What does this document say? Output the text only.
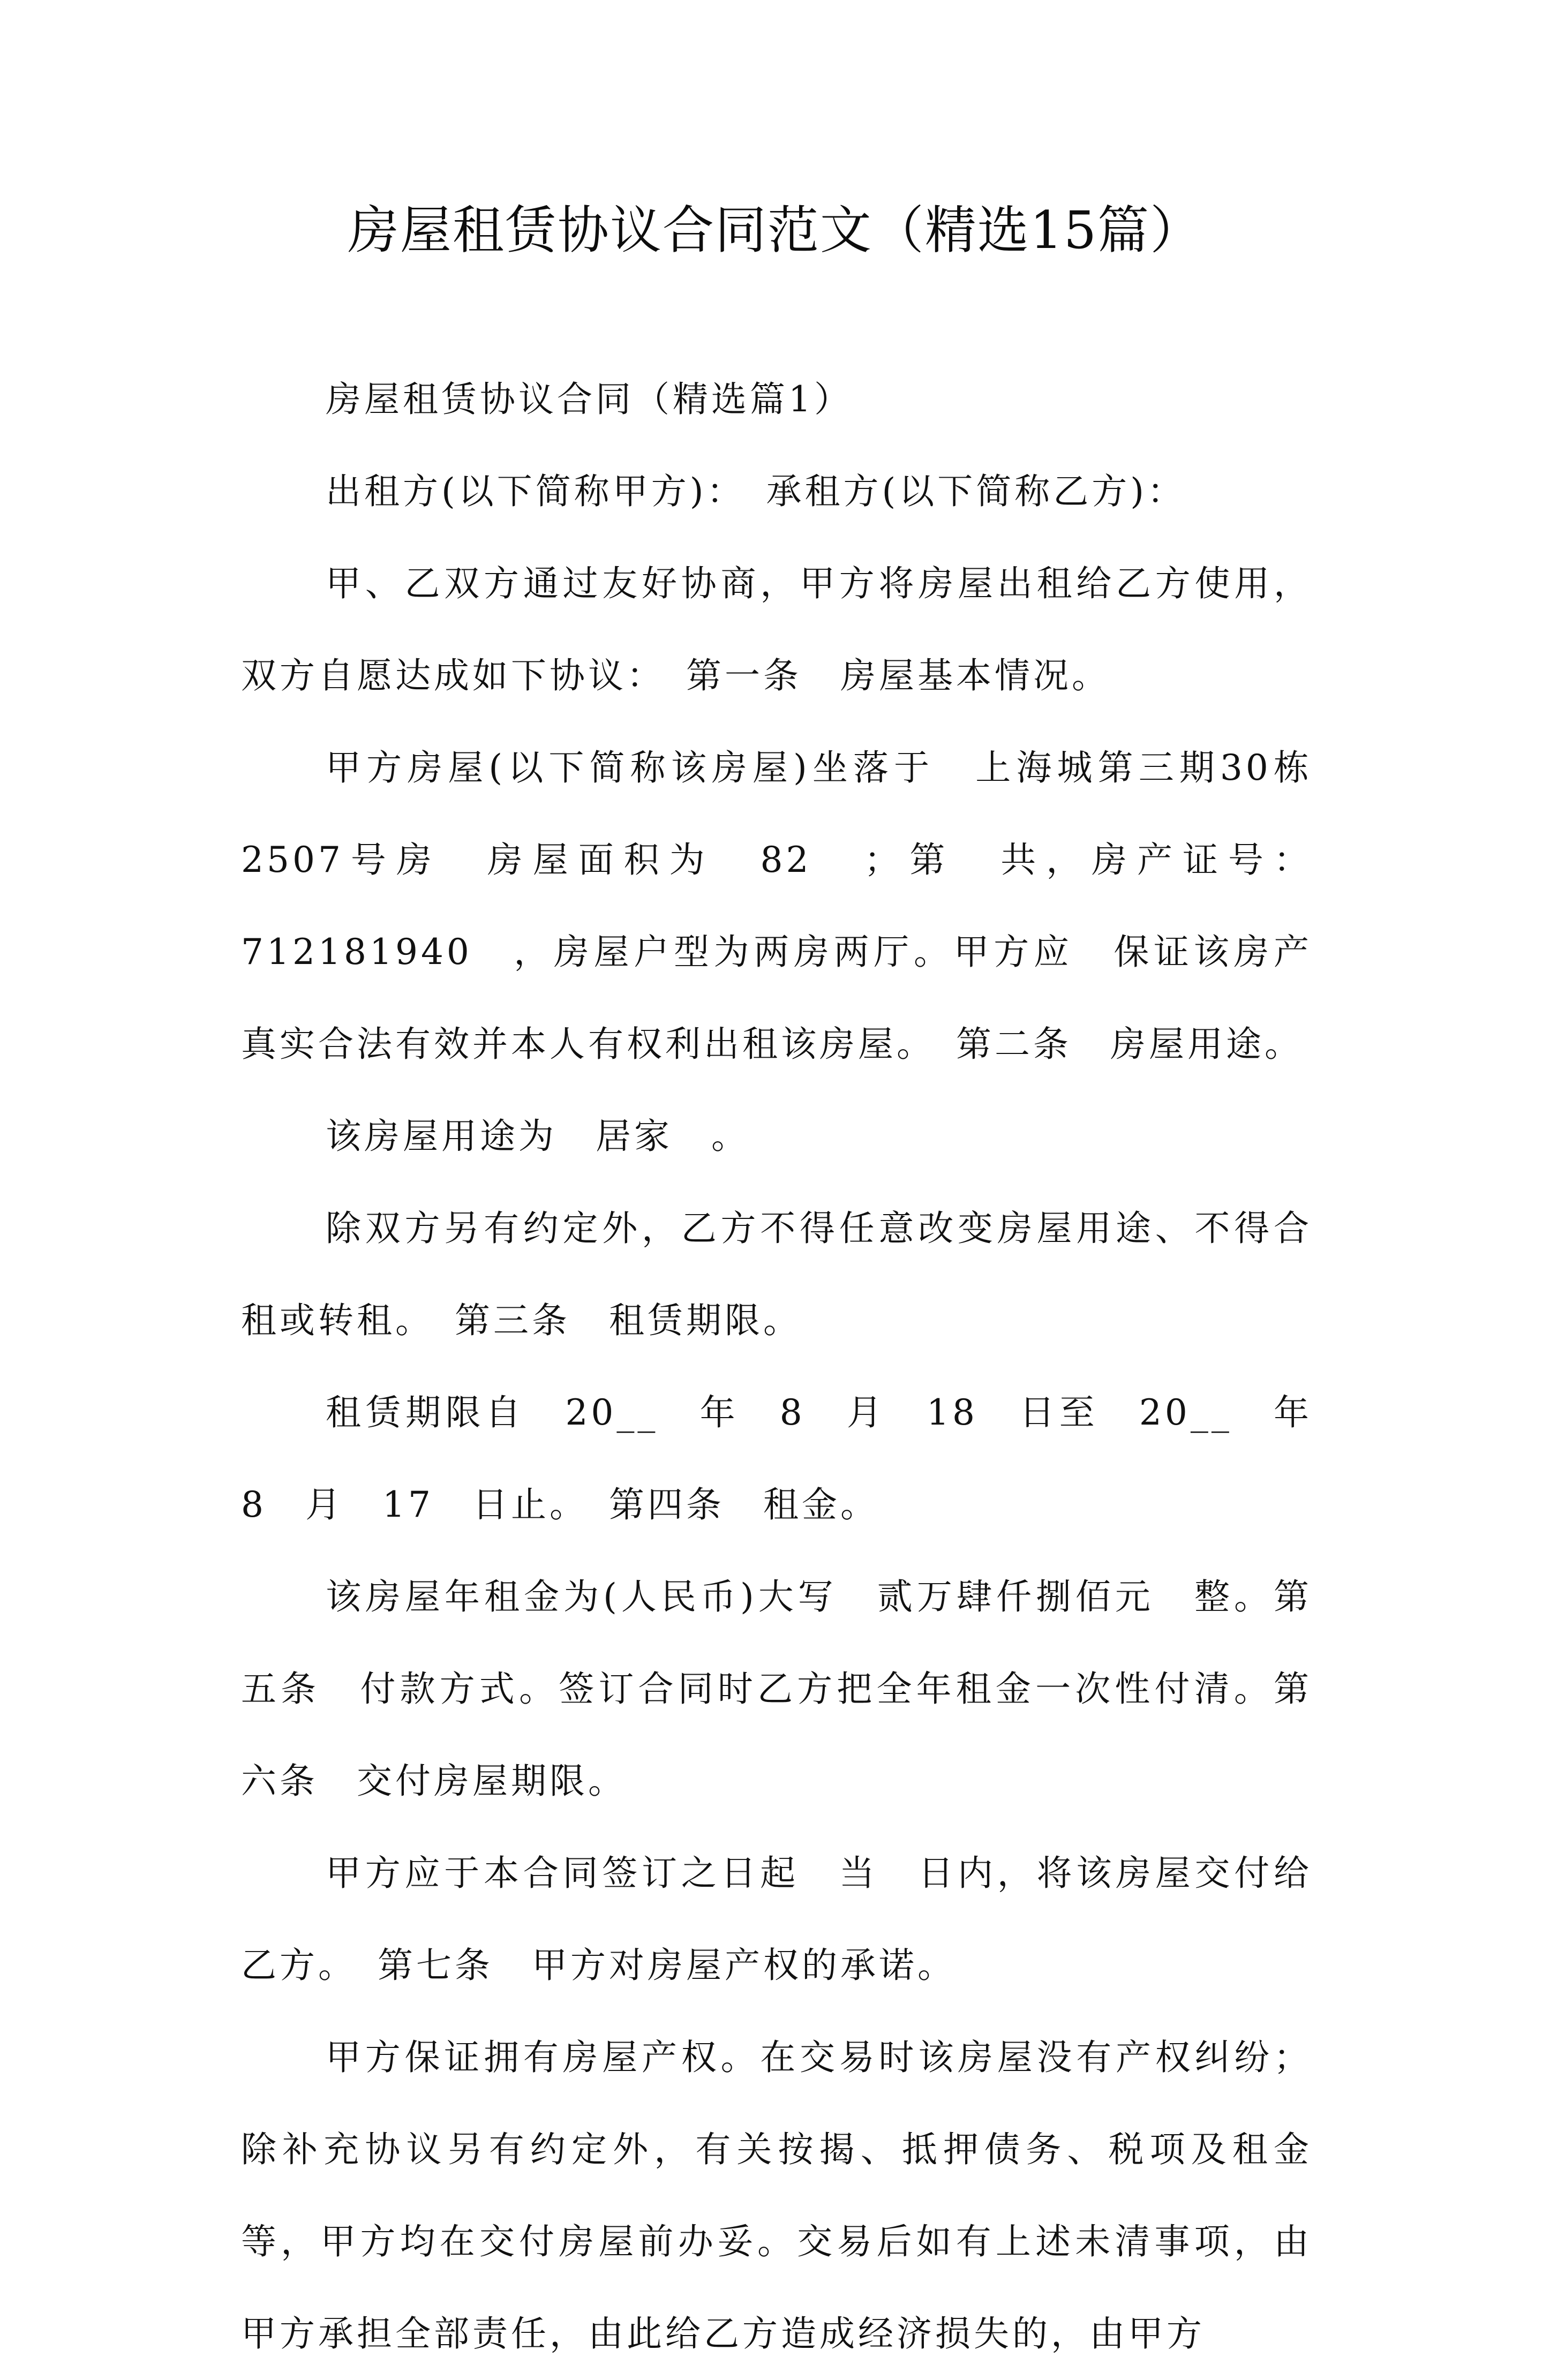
房屋租赁协议合同范文（精选15篇）

房屋租赁协议合同（精选篇1）

出租方(以下简称甲方)：　承租方(以下简称乙方)：

甲、乙双方通过友好协商，甲方将房屋出租给乙方使用，双方自愿达成如下协议：　第一条　房屋基本情况。

甲方房屋(以下简称该房屋)坐落于　上海城第三期30栋2507号房　房屋面积为　82　；第　共，房产证号：712181940　，房屋户型为两房两厅。甲方应　保证该房产真实合法有效并本人有权利出租该房屋。　第二条　房屋用途。

该房屋用途为　居家　。

除双方另有约定外，乙方不得任意改变房屋用途、不得合租或转租。　第三条　租赁期限。

租赁期限自　20__　年　8　月　18　日至　20__　年　8　月　17　日止。　第四条　租金。

该房屋年租金为(人民币)大写　贰万肆仟捌佰元　整。第五条　付款方式。签订合同时乙方把全年租金一次性付清。第六条　交付房屋期限。

甲方应于本合同签订之日起　当　日内，将该房屋交付给乙方。　第七条　甲方对房屋产权的承诺。

甲方保证拥有房屋产权。在交易时该房屋没有产权纠纷；除补充协议另有约定外，有关按揭、抵押债务、税项及租金等，甲方均在交付房屋前办妥。交易后如有上述未清事项，由甲方承担全部责任，由此给乙方造成经济损失的，由甲方
